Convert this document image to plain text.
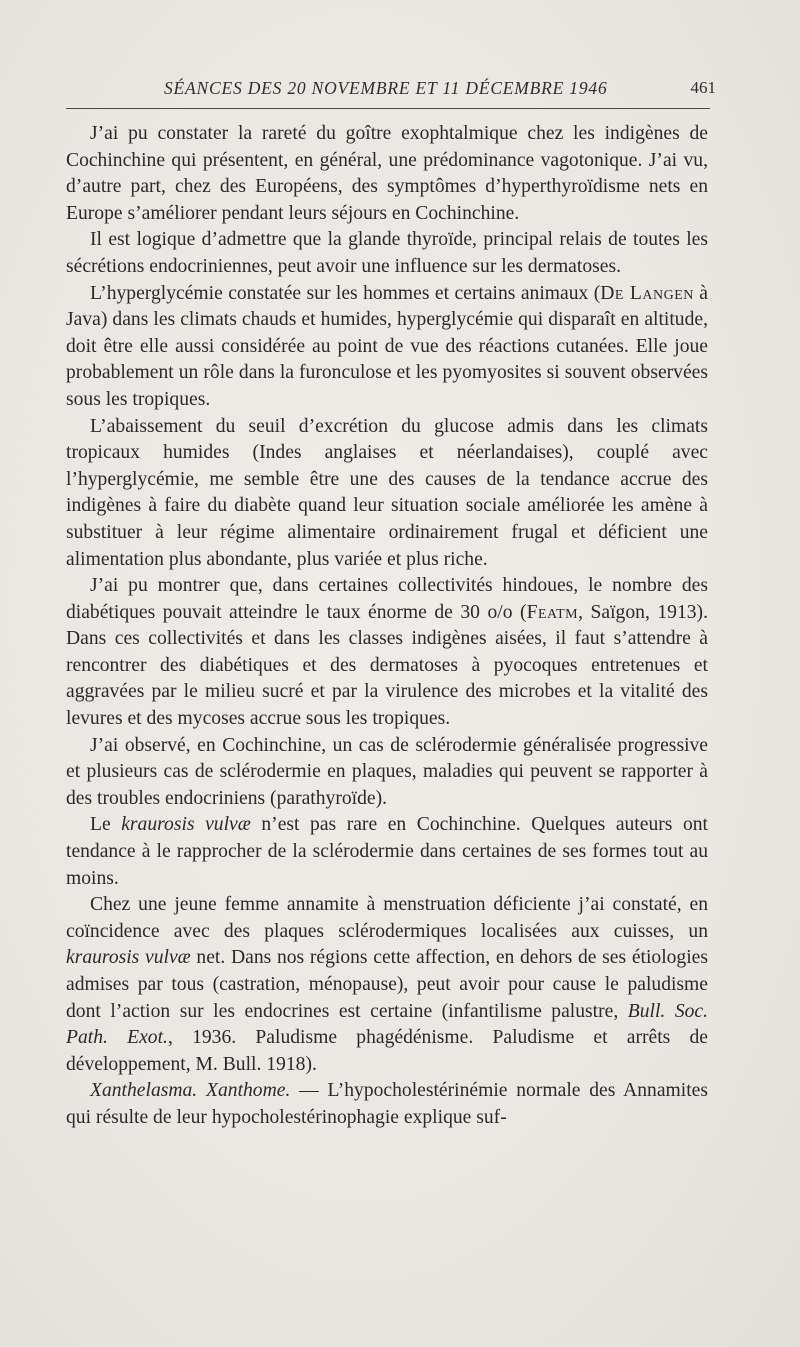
SÉANCES DES 20 NOVEMBRE ET 11 DÉCEMBRE 1946	461

J’ai pu constater la rareté du goître exophtalmique chez les indigènes de Cochinchine qui présentent, en général, une prédominance vagotonique. J’ai vu, d’autre part, chez des Européens, des symptômes d’hyperthyroïdisme nets en Europe s’améliorer pendant leurs séjours en Cochinchine.

Il est logique d’admettre que la glande thyroïde, principal relais de toutes les sécrétions endocriniennes, peut avoir une influence sur les dermatoses.

L’hyperglycémie constatée sur les hommes et certains animaux (De Langen à Java) dans les climats chauds et humides, hyperglycémie qui disparaît en altitude, doit être elle aussi considérée au point de vue des réactions cutanées. Elle joue probablement un rôle dans la furonculose et les pyomyosites si souvent observées sous les tropiques.

L’abaissement du seuil d’excrétion du glucose admis dans les climats tropicaux humides (Indes anglaises et néerlandaises), couplé avec l’hyperglycémie, me semble être une des causes de la tendance accrue des indigènes à faire du diabète quand leur situation sociale améliorée les amène à substituer à leur régime alimentaire ordinairement frugal et déficient une alimentation plus abondante, plus variée et plus riche.

J’ai pu montrer que, dans certaines collectivités hindoues, le nombre des diabétiques pouvait atteindre le taux énorme de 30 o/o (Featm, Saïgon, 1913). Dans ces collectivités et dans les classes indigènes aisées, il faut s’attendre à rencontrer des diabétiques et des dermatoses à pyocoques entretenues et aggravées par le milieu sucré et par la virulence des microbes et la vitalité des levures et des mycoses accrue sous les tropiques.

J’ai observé, en Cochinchine, un cas de sclérodermie généralisée progressive et plusieurs cas de sclérodermie en plaques, maladies qui peuvent se rapporter à des troubles endocriniens (parathyroïde).

Le kraurosis vulvæ n’est pas rare en Cochinchine. Quelques auteurs ont tendance à le rapprocher de la sclérodermie dans certaines de ses formes tout au moins.

Chez une jeune femme annamite à menstruation déficiente j’ai constaté, en coïncidence avec des plaques sclérodermiques localisées aux cuisses, un kraurosis vulvæ net. Dans nos régions cette affection, en dehors de ses étiologies admises par tous (castration, ménopause), peut avoir pour cause le paludisme dont l’action sur les endocrines est certaine (infantilisme palustre, Bull. Soc. Path. Exot., 1936. Paludisme phagédénisme. Paludisme et arrêts de développement, M. Bull. 1918).

Xanthelasma. Xanthome. — L’hypocholestérinémie normale des Annamites qui résulte de leur hypocholestérinophagie explique suf-
